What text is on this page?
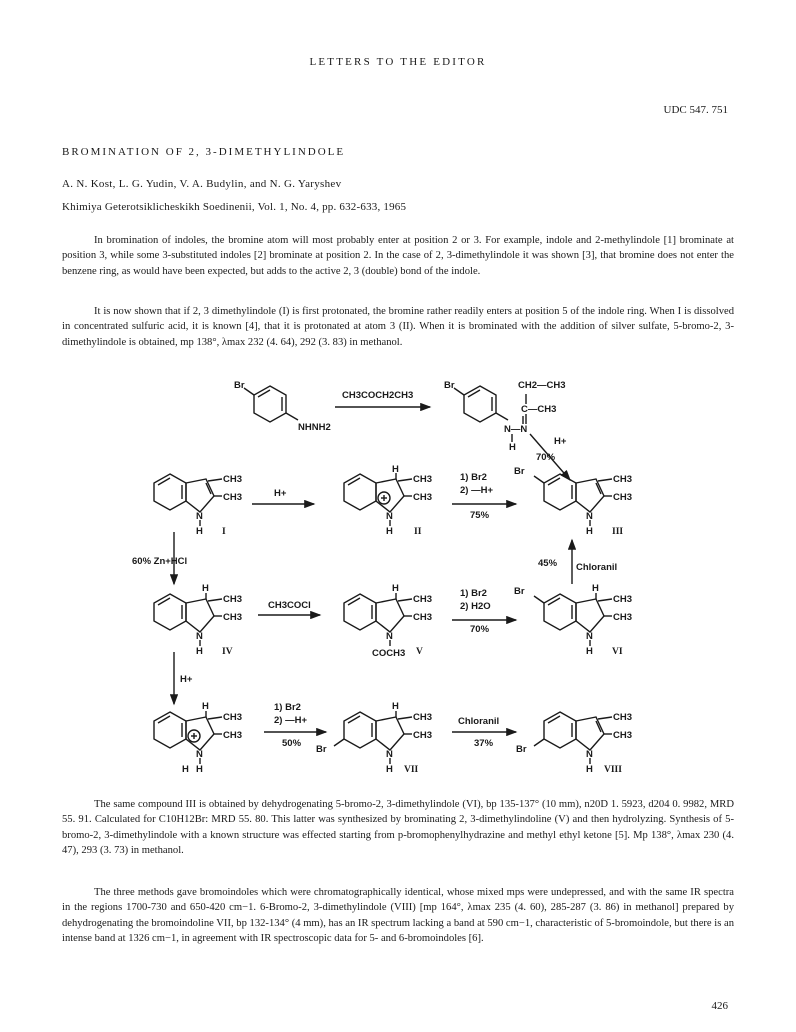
LETTERS TO THE EDITOR

UDC 547. 751

BROMINATION OF 2, 3-DIMETHYLINDOLE

A. N. Kost, L. G. Yudin, V. A. Budylin, and N. G. Yaryshev

Khimiya Geterotsiklicheskikh Soedinenii, Vol. 1, No. 4, pp. 632-633, 1965

In bromination of indoles, the bromine atom will most probably enter at position 2 or 3. For example, indole and 2-methylindole [1] brominate at position 3, while some 3-substituted indoles [2] brominate at position 2. In the case of 2, 3-dimethylindole it was shown [3], that bromine does not enter the benzene ring, as would have been expected, but adds to the active 2, 3 (double) bond of the indole.

It is now shown that if 2, 3 dimethylindole (I) is first protonated, the bromine rather readily enters at position 5 of the indole ring. When I is dissolved in concentrated sulfuric acid, it is known [4], that it is protonated at atom 3 (II). When it is brominated with the addition of silver sulfate, 5-bromo-2, 3-dimethylindole is obtained, mp 138°, λmax 232 (4. 64), 292 (3. 83) in methanol.

Br
NHNH2
CH3COCH2CH3
Br	CH2—CH3
C—CH3
N—N
H
H+
70%
CH3
CH3
N
H I
H+
H
CH3
CH3
N
H II
1) Br2
2) —H+
75%
Br
CH3
CH3
N
H III
60% Zn+HCl	45% Chloranil
H
CH3
CH3
N
H IV
CH3COCl
H
CH3
CH3
N
COCH3 V
1) Br2
2) H2O
70%
Br	H
CH3
CH3
N
H VI
H+
H
CH3
CH3
N
H H
1) Br2
2) —H+
50%
Br
H
CH3
CH3
N
H VII
Chloranil
37%
Br
CH3
CH3
N
H VIII

The same compound III is obtained by dehydrogenating 5-bromo-2, 3-dimethylindole (VI), bp 135-137° (10 mm), n20D 1. 5923, d204 0. 9982, MRD 55. 91. Calculated for C10H12Br: MRD 55. 80. This latter was synthesized by brominating 2, 3-dimethylindoline (V) and then hydrolyzing. Synthesis of 5-bromo-2, 3-dimethylindole with a known structure was effected starting from p-bromophenylhydrazine and methyl ethyl ketone [5]. Mp 138°, λmax 230 (4. 47), 293 (3. 73) in methanol.

The three methods gave bromoindoles which were chromatographically identical, whose mixed mps were undepressed, and with the same IR spectra in the regions 1700-730 and 650-420 cm−1. 6-Bromo-2, 3-dimethylindole (VIII) [mp 164°, λmax 235 (4. 60), 285-287 (3. 86) in methanol] prepared by dehydrogenating the bromoindoline VII, bp 132-134° (4 mm), has an IR spectrum lacking a band at 590 cm−1, characteristic of 5-bromoindole, but there is an intense band at 1326 cm−1, in agreement with IR spectroscopic data for 5- and 6-bromoindoles [6].

426
